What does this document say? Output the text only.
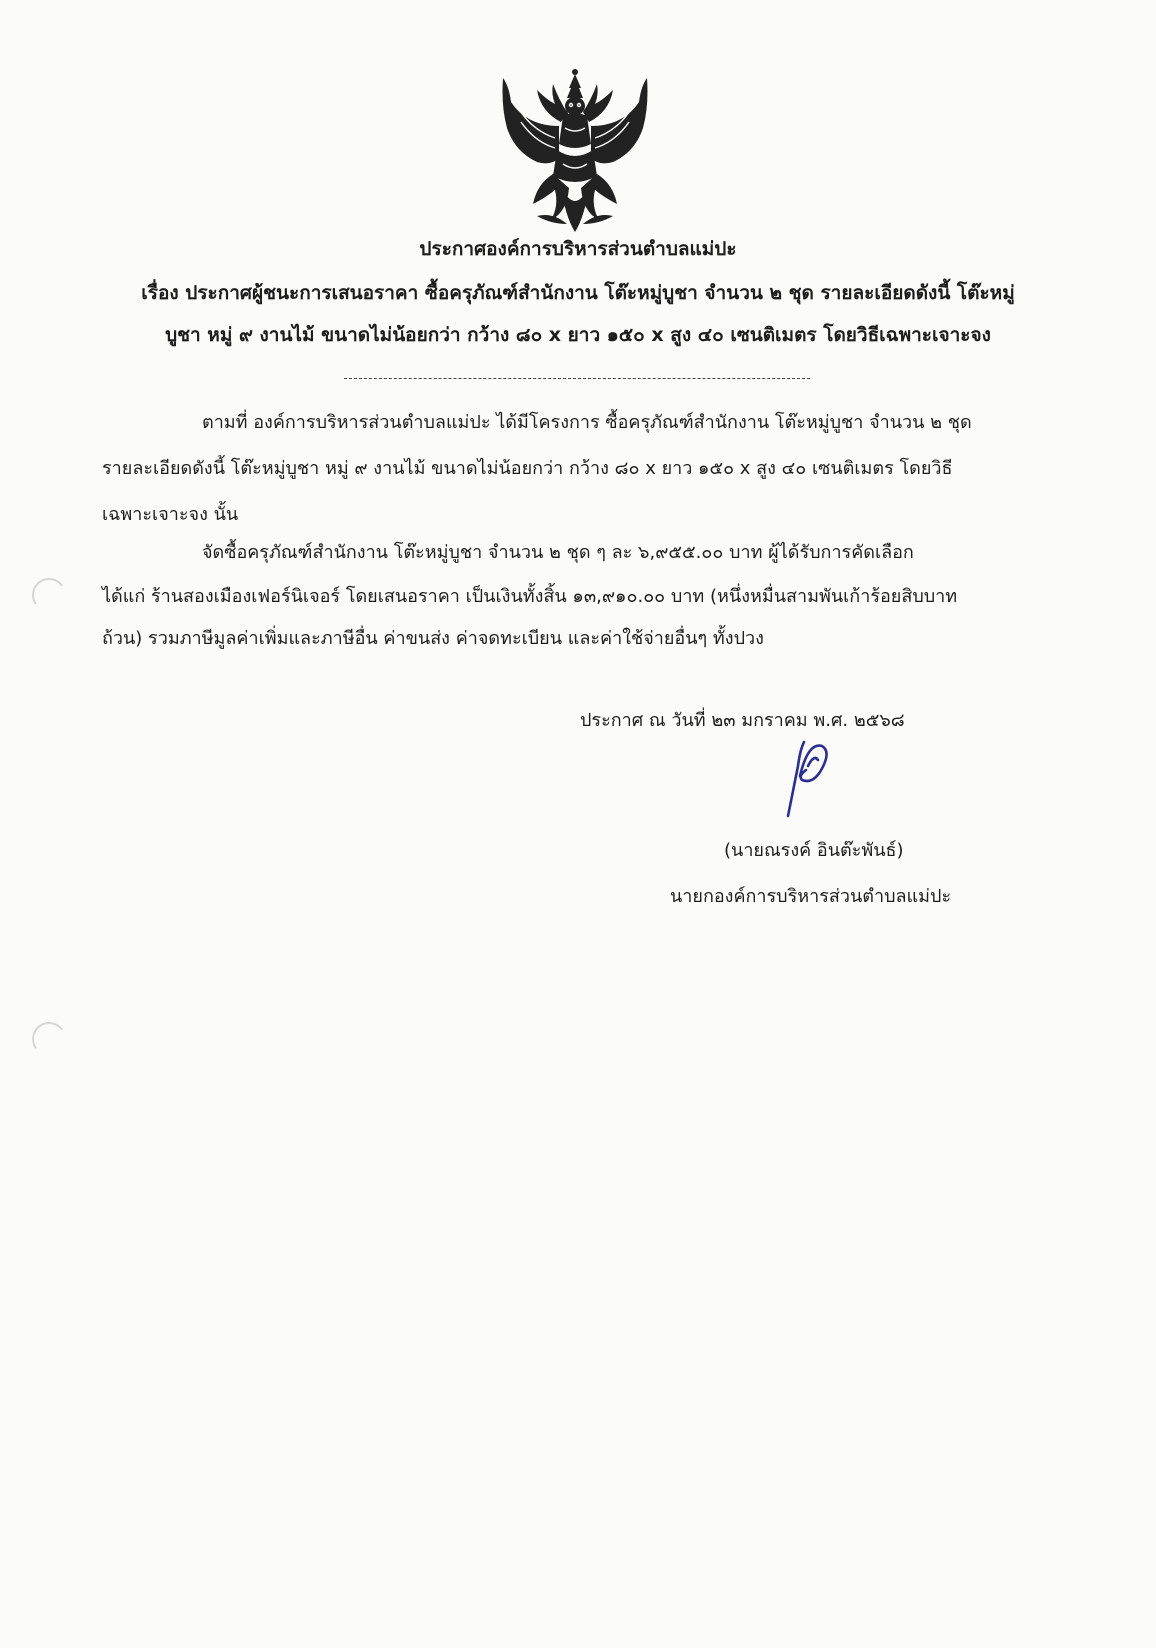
ประกาศองค์การบริหารส่วนตำบลแม่ปะ
เรื่อง ประกาศผู้ชนะการเสนอราคา ซื้อครุภัณฑ์สำนักงาน โต๊ะหมู่บูชา จำนวน ๒ ชุด รายละเอียดดังนี้ โต๊ะหมู่
บูชา หมู่ ๙ งานไม้ ขนาดไม่น้อยกว่า กว้าง ๘๐ x ยาว ๑๕๐ x สูง ๔๐ เซนติเมตร โดยวิธีเฉพาะเจาะจง
ตามที่ องค์การบริหารส่วนตำบลแม่ปะ ได้มีโครงการ ซื้อครุภัณฑ์สำนักงาน โต๊ะหมู่บูชา จำนวน ๒ ชุด
รายละเอียดดังนี้ โต๊ะหมู่บูชา หมู่ ๙ งานไม้ ขนาดไม่น้อยกว่า กว้าง ๘๐ x ยาว ๑๕๐ x สูง ๔๐ เซนติเมตร โดยวิธี
เฉพาะเจาะจง นั้น
จัดซื้อครุภัณฑ์สำนักงาน โต๊ะหมู่บูชา จำนวน ๒ ชุด ๆ ละ ๖,๙๕๕.๐๐ บาท ผู้ได้รับการคัดเลือก
ได้แก่ ร้านสองเมืองเฟอร์นิเจอร์ โดยเสนอราคา เป็นเงินทั้งสิ้น ๑๓,๙๑๐.๐๐ บาท (หนึ่งหมื่นสามพันเก้าร้อยสิบบาท
ถ้วน) รวมภาษีมูลค่าเพิ่มและภาษีอื่น ค่าขนส่ง ค่าจดทะเบียน และค่าใช้จ่ายอื่นๆ ทั้งปวง
ประกาศ ณ วันที่ ๒๓ มกราคม พ.ศ. ๒๕๖๘
(นายณรงค์ อินต๊ะพันธ์)
นายกองค์การบริหารส่วนตำบลแม่ปะ
